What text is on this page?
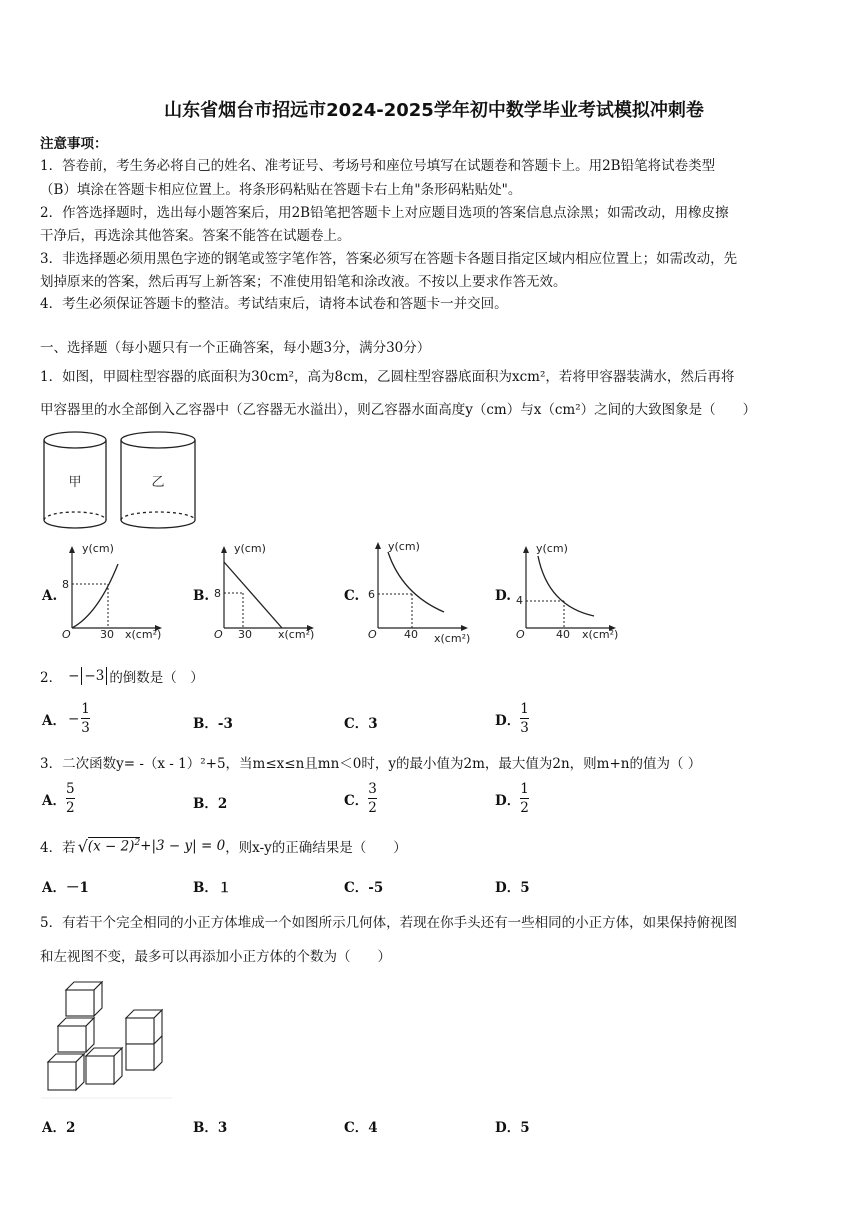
山东省烟台市招远市2024-2025学年初中数学毕业考试模拟冲刺卷
注意事项：
1．答卷前，考生务必将自己的姓名、准考证号、考场号和座位号填写在试题卷和答题卡上。用2B铅笔将试卷类型
（B）填涂在答题卡相应位置上。将条形码粘贴在答题卡右上角"条形码粘贴处"。
2．作答选择题时，选出每小题答案后，用2B铅笔把答题卡上对应题目选项的答案信息点涂黑；如需改动，用橡皮擦
干净后，再选涂其他答案。答案不能答在试题卷上。
3．非选择题必须用黑色字迹的钢笔或签字笔作答，答案必须写在答题卡各题目指定区域内相应位置上；如需改动，先
划掉原来的答案，然后再写上新答案；不准使用铅笔和涂改液。不按以上要求作答无效。
4．考生必须保证答题卡的整洁。考试结束后，请将本试卷和答题卡一并交回。
一、选择题（每小题只有一个正确答案，每小题3分，满分30分）
1．如图，甲圆柱型容器的底面积为30cm²，高为8cm，乙圆柱型容器底面积为xcm²，若将甲容器装满水，然后再将
甲容器里的水全部倒入乙容器中（乙容器无水溢出），则乙容器水面高度y（cm）与x（cm²）之间的大致图象是（　　）
甲	乙
A.
y(cm)
x(cm²)
O
8
30
B.
y(cm)
x(cm²)
O
8
30
C.
y(cm)
x(cm²)
O
6
40
D.
y(cm)
x(cm²)
O
4
40
2． − −3 的倒数是（　）
A． − $\frac{1}{3}$	B．-3	C．3	D． $\frac{1}{3}$
3．二次函数y= -（x - 1）²+5，当m≤x≤n且mn＜0时，y的最小值为2m，最大值为2n，则m+n的值为（ ）
A． $\frac{5}{2}$	B．2	C． $\frac{3}{2}$	D． $\frac{1}{2}$
4．若 √ $(x - 2)^2 +|3 - y| = 0$ ，则x-y的正确结果是（　　）
A．－1	B．１	C．-5	D．5
5．有若干个完全相同的小正方体堆成一个如图所示几何体，若现在你手头还有一些相同的小正方体，如果保持俯视图
和左视图不变，最多可以再添加小正方体的个数为（　　）
A．2	B．3	C．4	D．5
